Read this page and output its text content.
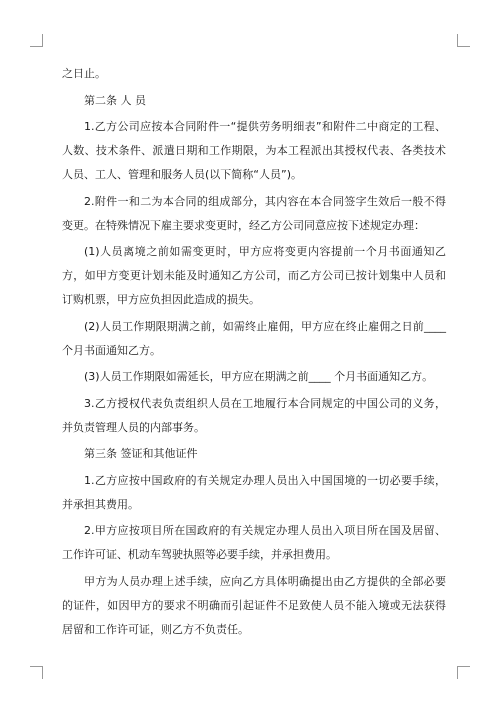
之日止。

第二条 人 员

1.乙方公司应按本合同附件一“提供劳务明细表”和附件二中商定的工程、人数、技术条件、派遣日期和工作期限，为本工程派出其授权代表、各类技术人员、工人、管理和服务人员(以下简称“人员”)。

2.附件一和二为本合同的组成部分，其内容在本合同签字生效后一般不得变更。在特殊情况下雇主要求变更时，经乙方公司同意应按下述规定办理：

(1)人员离境之前如需变更时，甲方应将变更内容提前一个月书面通知乙方，如甲方变更计划未能及时通知乙方公司，而乙方公司已按计划集中人员和订购机票，甲方应负担因此造成的损失。

(2)人员工作期限期满之前，如需终止雇佣，甲方应在终止雇佣之日前____ 个月书面通知乙方。

(3)人员工作期限如需延长，甲方应在期满之前____ 个月书面通知乙方。

3.乙方授权代表负责组织人员在工地履行本合同规定的中国公司的义务，并负责管理人员的内部事务。

第三条 签证和其他证件

1.乙方应按中国政府的有关规定办理人员出入中国国境的一切必要手续，并承担其费用。

2.甲方应按项目所在国政府的有关规定办理人员出入项目所在国及居留、工作许可证、机动车驾驶执照等必要手续，并承担费用。

甲方为人员办理上述手续，应向乙方具体明确提出由乙方提供的全部必要的证件，如因甲方的要求不明确而引起证件不足致使人员不能入境或无法获得居留和工作许可证，则乙方不负责任。
